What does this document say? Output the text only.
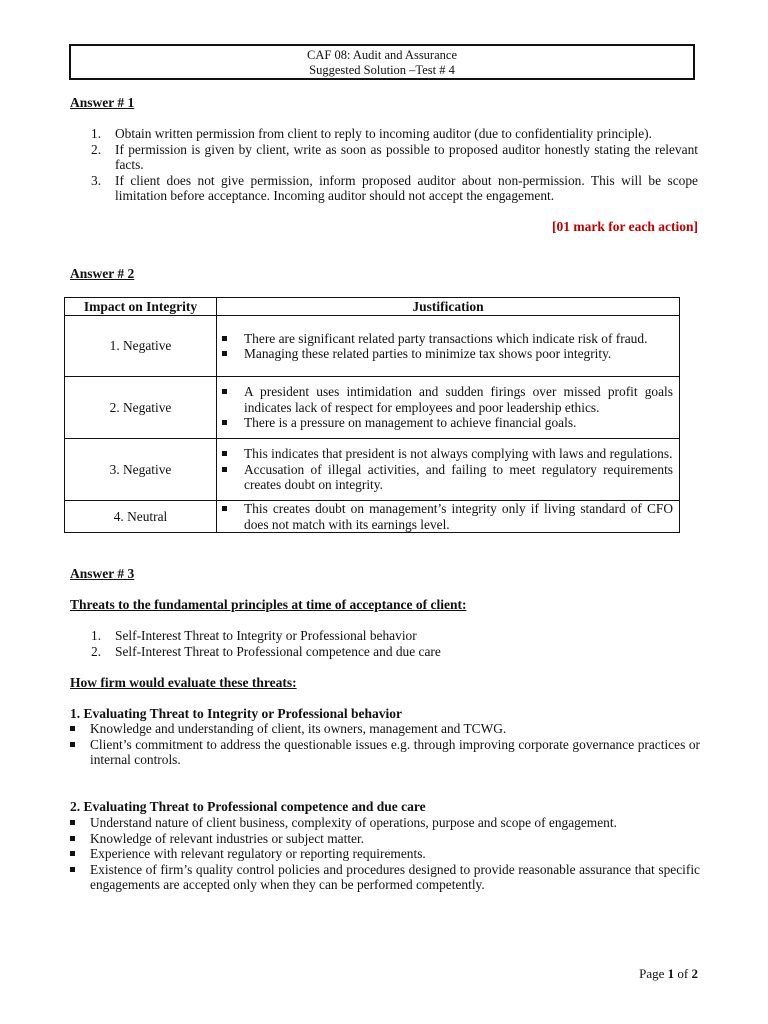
CAF 08: Audit and Assurance
Suggested Solution –Test # 4
Answer # 1
1. Obtain written permission from client to reply to incoming auditor (due to confidentiality principle).
2. If permission is given by client, write as soon as possible to proposed auditor honestly stating the relevant facts.
3. If client does not give permission, inform proposed auditor about non-permission. This will be scope limitation before acceptance. Incoming auditor should not accept the engagement.
[01 mark for each action]
Answer # 2
Impact on Integrity	Justification
1. Negative	There are significant related party transactions which indicate risk of fraud.
Managing these related parties to minimize tax shows poor integrity.

2. Negative	A president uses intimidation and sudden firings over missed profit goals indicates lack of respect for employees and poor leadership ethics.
There is a pressure on management to achieve financial goals.

3. Negative	This indicates that president is not always complying with laws and regulations.
Accusation of illegal activities, and failing to meet regulatory requirements creates doubt on integrity.

4. Neutral	This creates doubt on management’s integrity only if living standard of CFO does not match with its earnings level.
Answer # 3
Threats to the fundamental principles at time of acceptance of client:
1. Self-Interest Threat to Integrity or Professional behavior
2. Self-Interest Threat to Professional competence and due care
How firm would evaluate these threats:
1. Evaluating Threat to Integrity or Professional behavior
Knowledge and understanding of client, its owners, management and TCWG.
Client’s commitment to address the questionable issues e.g. through improving corporate governance practices or internal controls.
2. Evaluating Threat to Professional competence and due care
Understand nature of client business, complexity of operations, purpose and scope of engagement.
Knowledge of relevant industries or subject matter.
Experience with relevant regulatory or reporting requirements.
Existence of firm’s quality control policies and procedures designed to provide reasonable assurance that specific engagements are accepted only when they can be performed competently.
Page 1 of 2
